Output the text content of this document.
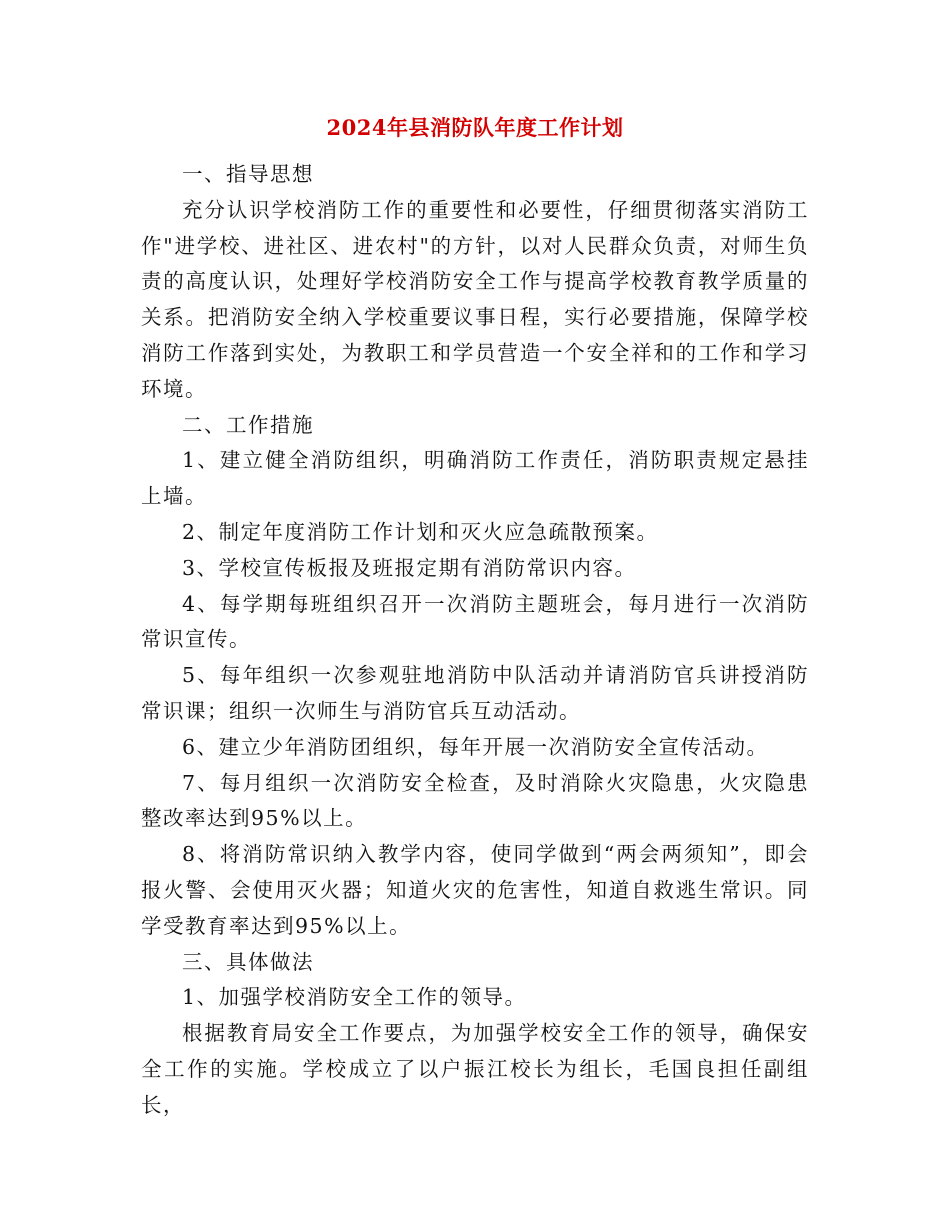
2024年县消防队年度工作计划

一、指导思想

充分认识学校消防工作的重要性和必要性，仔细贯彻落实消防工作"进学校、进社区、进农村"的方针，以对人民群众负责，对师生负责的高度认识，处理好学校消防安全工作与提高学校教育教学质量的关系。把消防安全纳入学校重要议事日程，实行必要措施，保障学校消防工作落到实处，为教职工和学员营造一个安全祥和的工作和学习环境。

二、工作措施

1、建立健全消防组织，明确消防工作责任，消防职责规定悬挂上墙。

2、制定年度消防工作计划和灭火应急疏散预案。

3、学校宣传板报及班报定期有消防常识内容。

4、每学期每班组织召开一次消防主题班会，每月进行一次消防常识宣传。

5、每年组织一次参观驻地消防中队活动并请消防官兵讲授消防常识课；组织一次师生与消防官兵互动活动。

6、建立少年消防团组织，每年开展一次消防安全宣传活动。

7、每月组织一次消防安全检查，及时消除火灾隐患，火灾隐患整改率达到95%以上。

8、将消防常识纳入教学内容，使同学做到“两会两须知”，即会报火警、会使用灭火器；知道火灾的危害性，知道自救逃生常识。同学受教育率达到95%以上。

三、具体做法

1、加强学校消防安全工作的领导。

根据教育局安全工作要点，为加强学校安全工作的领导，确保安全工作的实施。学校成立了以户振江校长为组长，毛国良担任副组长，
